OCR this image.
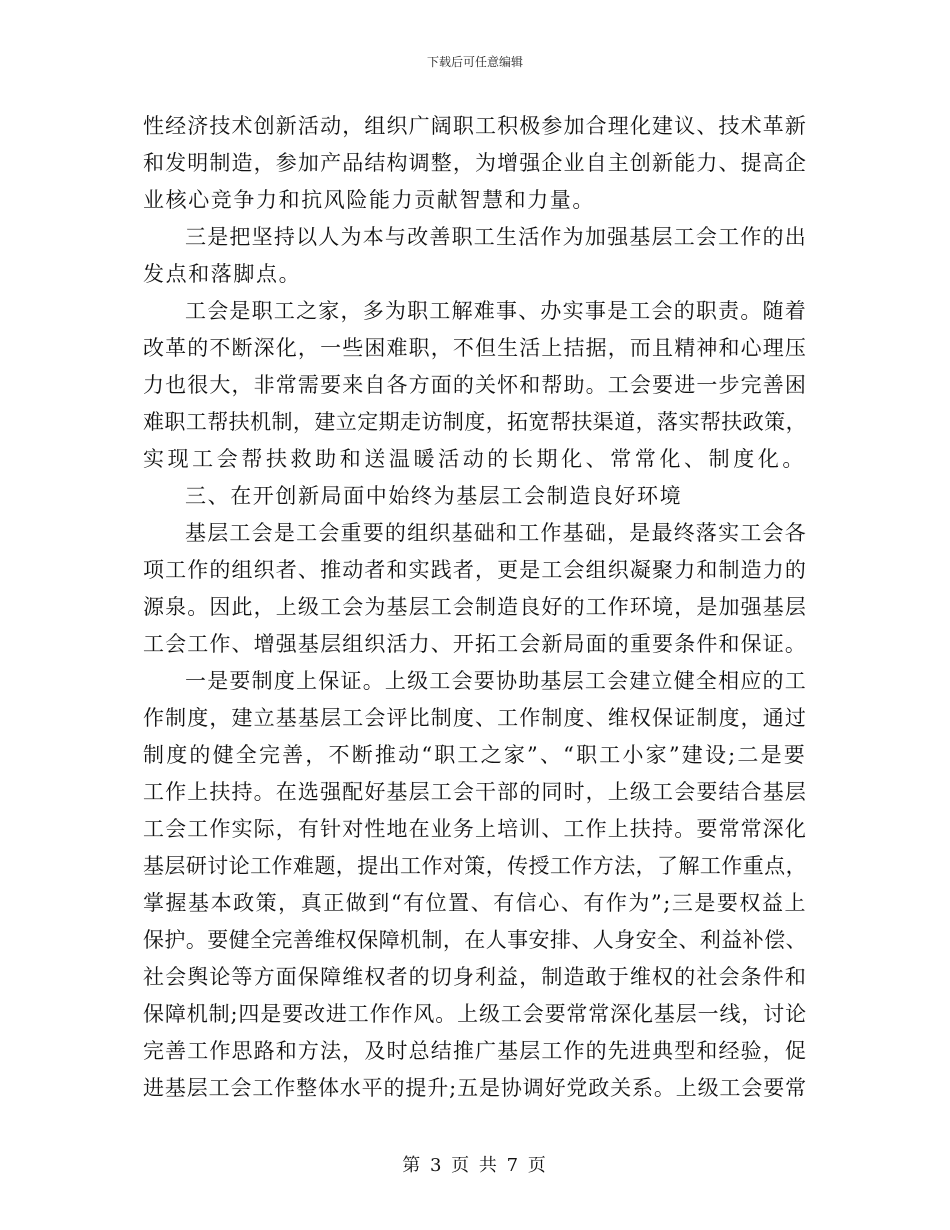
下载后可任意编辑
性经济技术创新活动，组织广阔职工积极参加合理化建议、技术革新
和发明制造，参加产品结构调整，为增强企业自主创新能力、提高企
业核心竞争力和抗风险能力贡献智慧和力量。
三是把坚持以人为本与改善职工生活作为加强基层工会工作的出
发点和落脚点。
工会是职工之家，多为职工解难事、办实事是工会的职责。随着
改革的不断深化，一些困难职，不但生活上拮据，而且精神和心理压
力也很大，非常需要来自各方面的关怀和帮助。工会要进一步完善困
难职工帮扶机制，建立定期走访制度，拓宽帮扶渠道，落实帮扶政策，
实现工会帮扶救助和送温暖活动的长期化、常常化、制度化。
三、在开创新局面中始终为基层工会制造良好环境
基层工会是工会重要的组织基础和工作基础，是最终落实工会各
项工作的组织者、推动者和实践者，更是工会组织凝聚力和制造力的
源泉。因此，上级工会为基层工会制造良好的工作环境，是加强基层
工会工作、增强基层组织活力、开拓工会新局面的重要条件和保证。
一是要制度上保证。上级工会要协助基层工会建立健全相应的工
作制度，建立基基层工会评比制度、工作制度、维权保证制度，通过
制度的健全完善，不断推动“职工之家”、“职工小家”建设;二是要
工作上扶持。在选强配好基层工会干部的同时，上级工会要结合基层
工会工作实际，有针对性地在业务上培训、工作上扶持。要常常深化
基层研讨论工作难题，提出工作对策，传授工作方法，了解工作重点，
掌握基本政策，真正做到“有位置、有信心、有作为”;三是要权益上
保护。要健全完善维权保障机制，在人事安排、人身安全、利益补偿、
社会舆论等方面保障维权者的切身利益，制造敢于维权的社会条件和
保障机制;四是要改进工作作风。上级工会要常常深化基层一线，讨论
完善工作思路和方法，及时总结推广基层工作的先进典型和经验，促
进基层工会工作整体水平的提升;五是协调好党政关系。上级工会要常
第 3 页 共 7 页
